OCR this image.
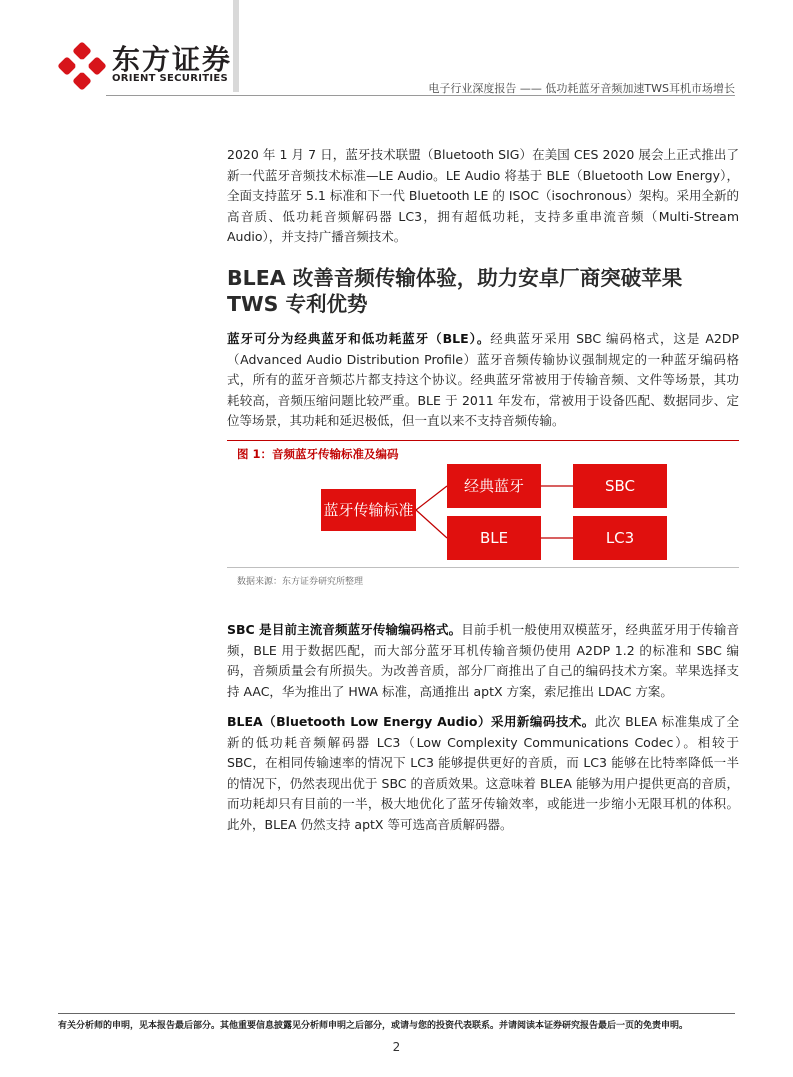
东方证券
ORIENT SECURITIES
电子行业深度报告 —— 低功耗蓝牙音频加速TWS耳机市场增长

2020 年 1 月 7 日，蓝牙技术联盟（Bluetooth SIG）在美国 CES 2020 展会上正式推出了新一代蓝牙音频技术标准—LE Audio。LE Audio 将基于 BLE（Bluetooth Low Energy），全面支持蓝牙 5.1 标准和下一代 Bluetooth LE 的 ISOC（isochronous）架构。采用全新的高音质、低功耗音频解码器 LC3，拥有超低功耗，支持多重串流音频（Multi-Stream Audio），并支持广播音频技术。

BLEA 改善音频传输体验，助力安卓厂商突破苹果 TWS 专利优势

蓝牙可分为经典蓝牙和低功耗蓝牙（BLE）。经典蓝牙采用 SBC 编码格式，这是 A2DP（Advanced Audio Distribution Profile）蓝牙音频传输协议强制规定的一种蓝牙编码格式，所有的蓝牙音频芯片都支持这个协议。经典蓝牙常被用于传输音频、文件等场景，其功耗较高，音频压缩问题比较严重。BLE 于 2011 年发布，常被用于设备匹配、数据同步、定位等场景，其功耗和延迟极低，但一直以来不支持音频传输。

图 1：音频蓝牙传输标准及编码
蓝牙传输标准
经典蓝牙
BLE
SBC
LC3
数据来源：东方证券研究所整理

SBC 是目前主流音频蓝牙传输编码格式。目前手机一般使用双模蓝牙，经典蓝牙用于传输音频，BLE 用于数据匹配，而大部分蓝牙耳机传输音频仍使用 A2DP 1.2 的标准和 SBC 编码，音频质量会有所损失。为改善音质，部分厂商推出了自己的编码技术方案。苹果选择支持 AAC，华为推出了 HWA 标准，高通推出 aptX 方案，索尼推出 LDAC 方案。

BLEA（Bluetooth Low Energy Audio）采用新编码技术。此次 BLEA 标准集成了全新的低功耗音频解码器 LC3（Low Complexity Communications Codec）。相较于 SBC，在相同传输速率的情况下 LC3 能够提供更好的音质，而 LC3 能够在比特率降低一半的情况下，仍然表现出优于 SBC 的音质效果。这意味着 BLEA 能够为用户提供更高的音质，而功耗却只有目前的一半，极大地优化了蓝牙传输效率，或能进一步缩小无限耳机的体积。此外，BLEA 仍然支持 aptX 等可选高音质解码器。

有关分析师的申明，见本报告最后部分。其他重要信息披露见分析师申明之后部分，或请与您的投资代表联系。并请阅读本证券研究报告最后一页的免责申明。
2
